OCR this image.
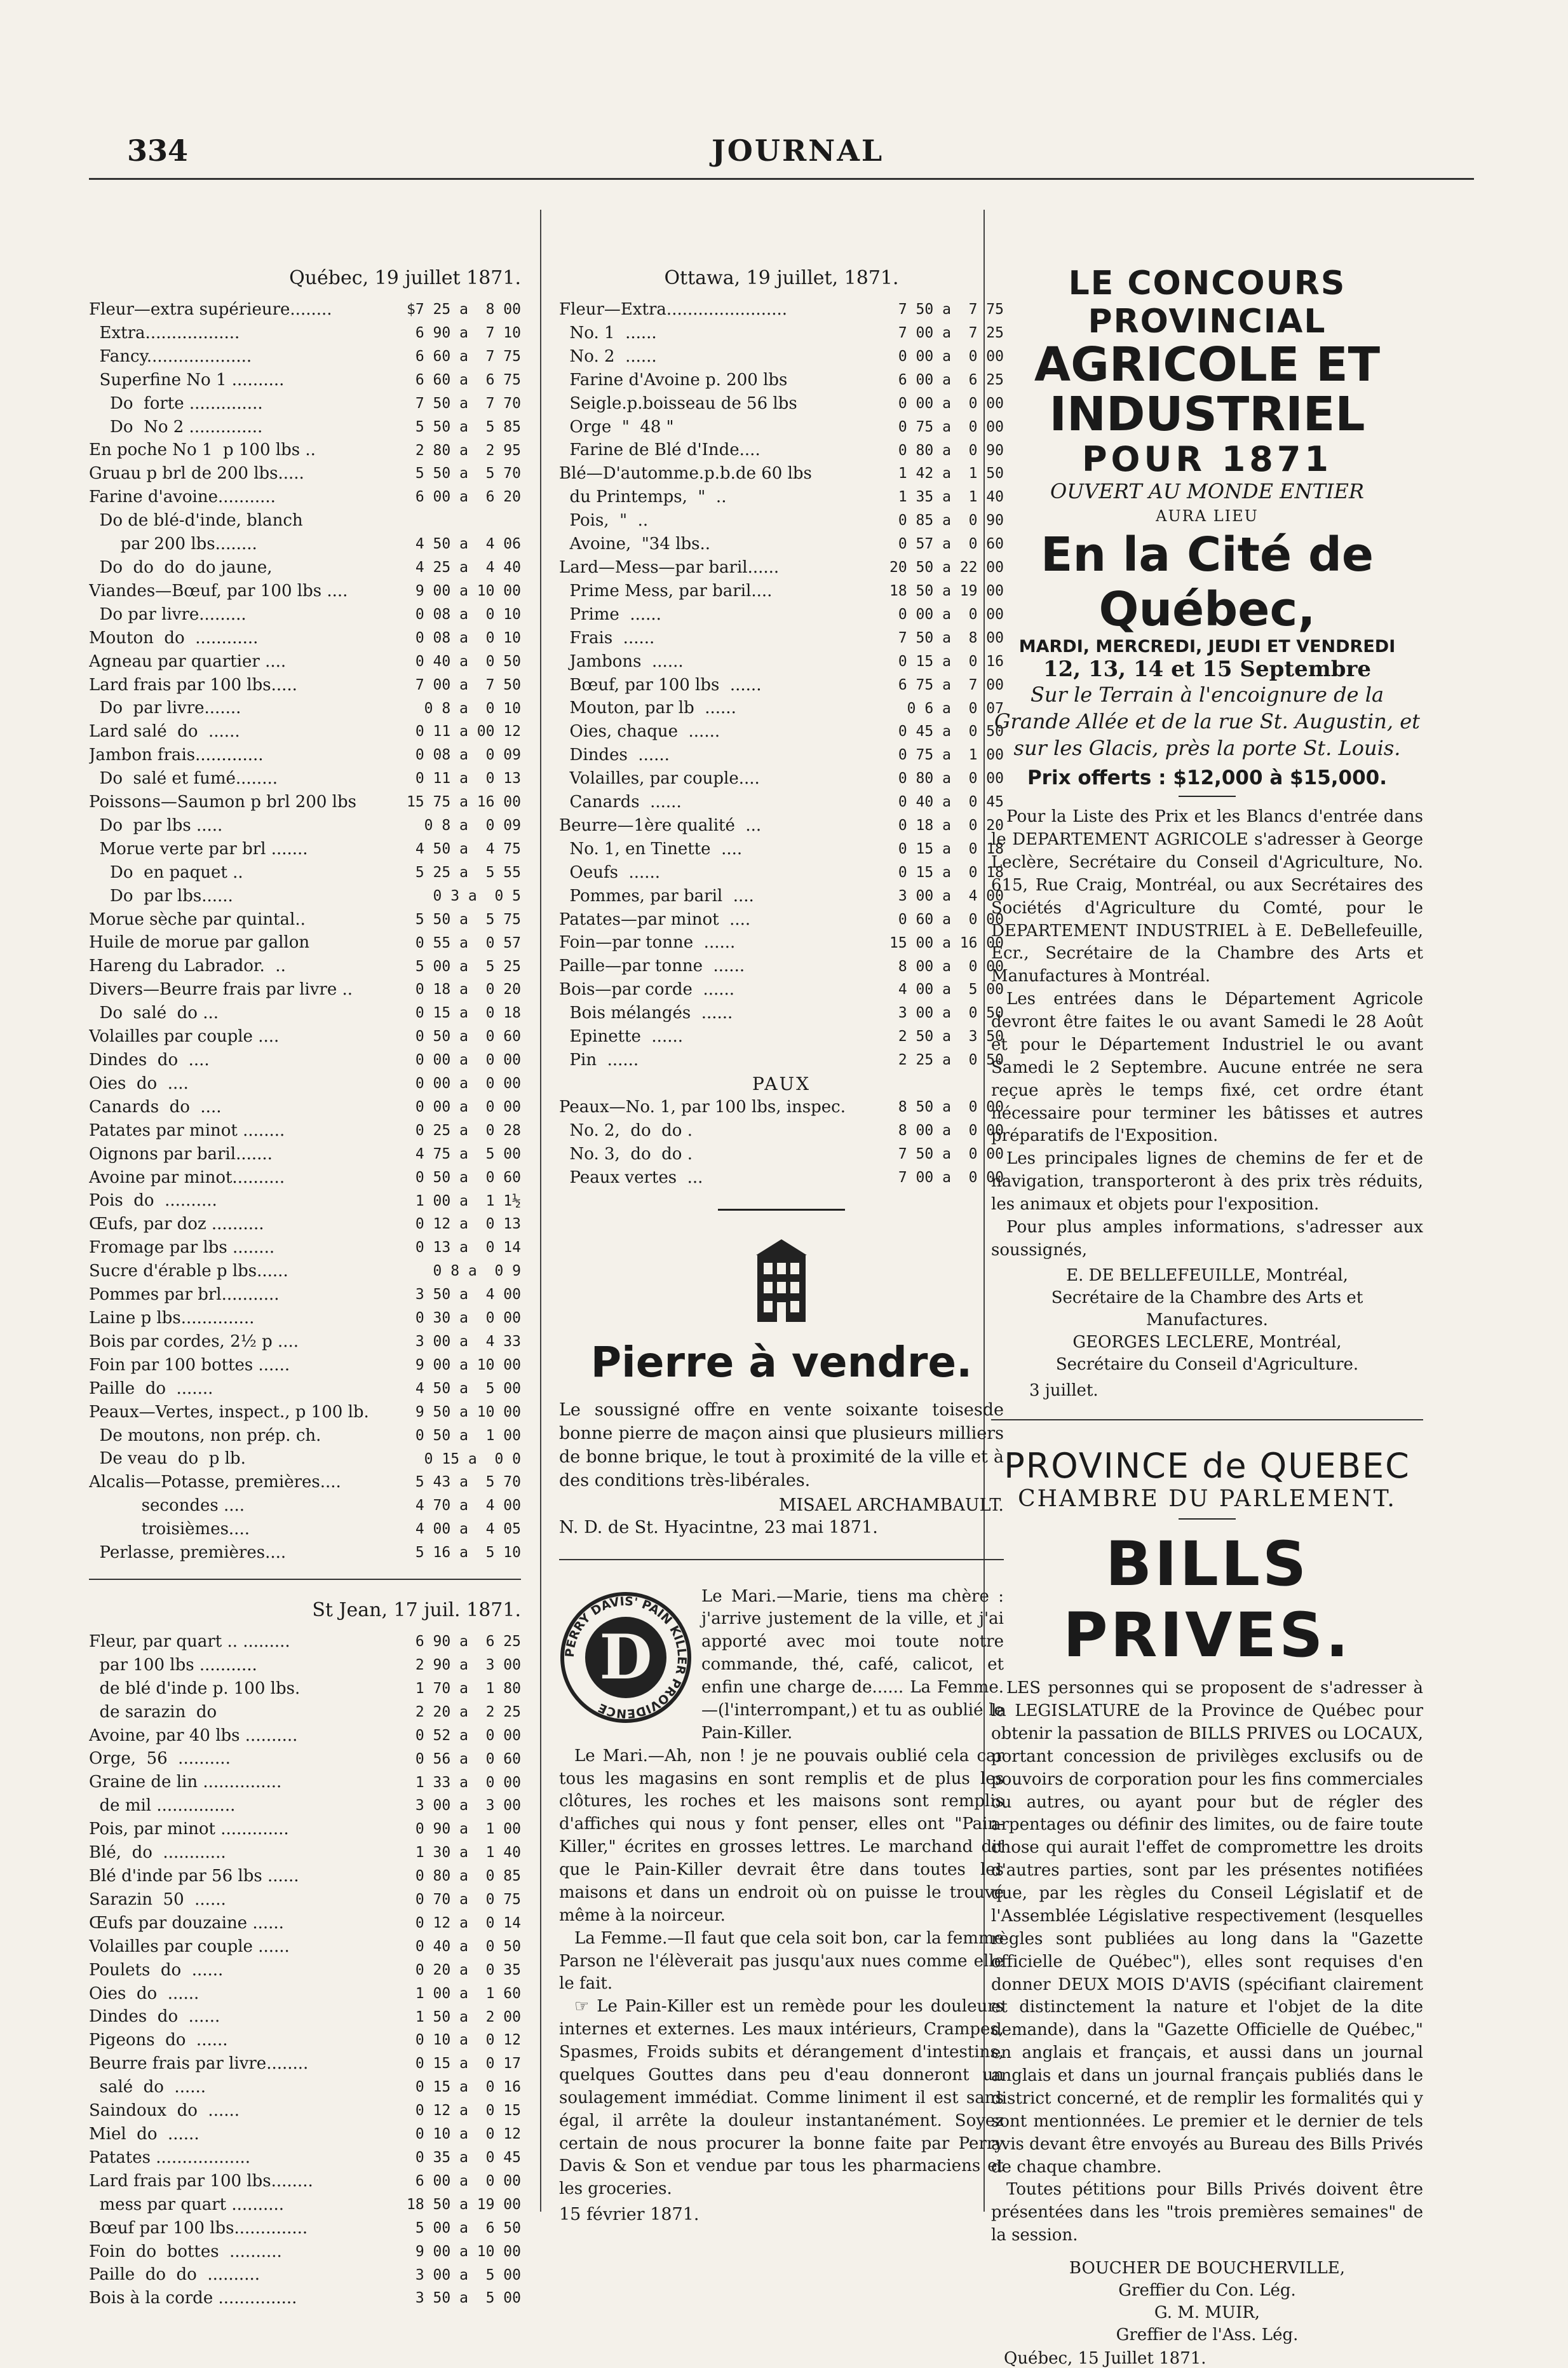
334	JOURNAL
Québec, 19 juillet 1871.
Fleur—extra supérieure........	$7 25 a  8 00
Extra..................	6 90 a  7 10
Fancy....................	6 60 a  7 75
Superfine No 1 ..........	6 60 a  6 75
Do  forte ..............	7 50 a  7 70
Do  No 2 ..............	5 50 a  5 85
En poche No 1  p 100 lbs ..	2 80 a  2 95
Gruau p brl de 200 lbs.....	5 50 a  5 70
Farine d'avoine...........	6 00 a  6 20
Do de blé-d'inde, blanch	
par 200 lbs........	4 50 a  4 06
Do  do  do  do jaune,	4 25 a  4 40
Viandes—Bœuf, par 100 lbs ....	9 00 a 10 00
Do par livre.........	0 08 a  0 10
Mouton  do  ............	0 08 a  0 10
Agneau par quartier ....	0 40 a  0 50
Lard frais par 100 lbs.....	7 00 a  7 50
Do  par livre.......	0 8 a  0 10
Lard salé  do  ......	0 11 a 00 12
Jambon frais.............	0 08 a  0 09
Do  salé et fumé........	0 11 a  0 13
Poissons—Saumon p brl 200 lbs	15 75 a 16 00
Do  par lbs .....	0 8 a  0 09
Morue verte par brl .......	4 50 a  4 75
Do  en paquet ..	5 25 a  5 55
Do  par lbs......	0 3 a  0 5
Morue sèche par quintal..	5 50 a  5 75
Huile de morue par gallon	0 55 a  0 57
Hareng du Labrador.  ..	5 00 a  5 25
Divers—Beurre frais par livre ..	0 18 a  0 20
Do  salé  do ...	0 15 a  0 18
Volailles par couple ....	0 50 a  0 60
Dindes  do  ....	0 00 a  0 00
Oies  do  ....	0 00 a  0 00
Canards  do  ....	0 00 a  0 00
Patates par minot ........	0 25 a  0 28
Oignons par baril.......	4 75 a  5 00
Avoine par minot..........	0 50 a  0 60
Pois  do  ..........	1 00 a  1 1½
Œufs, par doz ..........	0 12 a  0 13
Fromage par lbs ........	0 13 a  0 14
Sucre d'érable p lbs......	0 8 a  0 9
Pommes par brl...........	3 50 a  4 00
Laine p lbs..............	0 30 a  0 00
Bois par cordes, 2½ p ....	3 00 a  4 33
Foin par 100 bottes ......	9 00 a 10 00
Paille  do  .......	4 50 a  5 00
Peaux—Vertes, inspect., p 100 lb.	9 50 a 10 00
De moutons, non prép. ch.	0 50 a  1 00
De veau  do  p lb.	0 15 a  0 0
Alcalis—Potasse, premières....	5 43 a  5 70
secondes ....	4 70 a  4 00
troisièmes....	4 00 a  4 05
Perlasse, premières....	5 16 a  5 10
St Jean, 17 juil. 1871.
Fleur, par quart .. .........	6 90 a  6 25
par 100 lbs ...........	2 90 a  3 00
de blé d'inde p. 100 lbs.	1 70 a  1 80
de sarazin  do	2 20 a  2 25
Avoine, par 40 lbs ..........	0 52 a  0 00
Orge,  56  ..........	0 56 a  0 60
Graine de lin ...............	1 33 a  0 00
de mil ...............	3 00 a  3 00
Pois, par minot .............	0 90 a  1 00
Blé,  do  ............	1 30 a  1 40
Blé d'inde par 56 lbs ......	0 80 a  0 85
Sarazin  50  ......	0 70 a  0 75
Œufs par douzaine ......	0 12 a  0 14
Volailles par couple ......	0 40 a  0 50
Poulets  do  ......	0 20 a  0 35
Oies  do  ......	1 00 a  1 60
Dindes  do  ......	1 50 a  2 00
Pigeons  do  ......	0 10 a  0 12
Beurre frais par livre........	0 15 a  0 17
salé  do  ......	0 15 a  0 16
Saindoux  do  ......	0 12 a  0 15
Miel  do  ......	0 10 a  0 12
Patates ..................	0 35 a  0 45
Lard frais par 100 lbs........	6 00 a  0 00
mess par quart ..........	18 50 a 19 00
Bœuf par 100 lbs..............	5 00 a  6 50
Foin  do  bottes  ..........	9 00 a 10 00
Paille  do  do  ..........	3 00 a  5 00
Bois à la corde ...............	3 50 a  5 00
Ottawa, 19 juillet, 1871.
Fleur—Extra.......................	7 50 a  7 75
No. 1  ......	7 00 a  7 25
No. 2  ......	0 00 a  0 00
Farine d'Avoine p. 200 lbs	6 00 a  6 25
Seigle.p.boisseau de 56 lbs	0 00 a  0 00
Orge  "  48 "	0 75 a  0 00
Farine de Blé d'Inde....	0 80 a  0 90
Blé—D'automme.p.b.de 60 lbs	1 42 a  1 50
du Printemps,  "  ..	1 35 a  1 40
Pois,  "  ..	0 85 a  0 90
Avoine,  "34 lbs..	0 57 a  0 60
Lard—Mess—par baril......	20 50 a 22 00
Prime Mess, par baril....	18 50 a 19 00
Prime  ......	0 00 a  0 00
Frais  ......	7 50 a  8 00
Jambons  ......	0 15 a  0 16
Bœuf, par 100 lbs  ......	6 75 a  7 00
Mouton, par lb  ......	0 6 a  0 07
Oies, chaque  ......	0 45 a  0 50
Dindes  ......	0 75 a  1 00
Volailles, par couple....	0 80 a  0 00
Canards  ......	0 40 a  0 45
Beurre—1ère qualité  ...	0 18 a  0 20
No. 1, en Tinette  ....	0 15 a  0 18
Oeufs  ......	0 15 a  0 18
Pommes, par baril  ....	3 00 a  4 00
Patates—par minot  ....	0 60 a  0 00
Foin—par tonne  ......	15 00 a 16 00
Paille—par tonne  ......	8 00 a  0 00
Bois—par corde  ......	4 00 a  5 00
Bois mélangés  ......	3 00 a  0 50
Epinette  ......	2 50 a  3 50
Pin  ......	2 25 a  0 50
PAUX
Peaux—No. 1, par 100 lbs, inspec.	8 50 a  0 00
No. 2,  do  do .	8 00 a  0 00
No. 3,  do  do .	7 50 a  0 00
Peaux vertes  ...	7 00 a  0 00
Pierre à vendre.
Le soussigné offre en vente soixante toisesde bonne pierre de maçon ainsi que plusieurs milliers de bonne brique, le tout à proximité de la ville et à des conditions très-libérales.
MISAEL ARCHAMBAULT.
N. D. de St. Hyacintne, 23 mai 1871.
PERRY DAVIS' PAIN KILLER PROVIDENCE
D

Le Mari.—Marie, tiens ma chère : j'arrive justement de la ville, et j'ai apporté avec moi toute notre commande, thé, café, calicot, et enfin une charge de...... La Femme.—(l'interrompant,) et tu as oublié le Pain-Killer.

Le Mari.—Ah, non ! je ne pouvais oublié cela car tous les magasins en sont remplis et de plus les clôtures, les roches et les maisons sont remplis d'affiches qui nous y font penser, elles ont "Pain-Killer," écrites en grosses lettres. Le marchand dit que le Pain-Killer devrait être dans toutes les maisons et dans un endroit où on puisse le trouvé même à la noirceur.

La Femme.—Il faut que cela soit bon, car la femme Parson ne l'élèverait pas jusqu'aux nues comme elle le fait.

☞ Le Pain-Killer est un remède pour les douleurs internes et externes. Les maux intérieurs, Crampes, Spasmes, Froids subits et dérangement d'intestins, quelques Gouttes dans peu d'eau donneront un soulagement immédiat. Comme liniment il est sans égal, il arrête la douleur instantanément. Soyez certain de nous procurer la bonne faite par Perry Davis & Son et vendue par tous les pharmaciens et les groceries.

15 février 1871.
LE CONCOURS PROVINCIAL
AGRICOLE ET INDUSTRIEL
POUR 1871
OUVERT AU MONDE ENTIER
AURA LIEU
En la Cité de Québec,
MARDI, MERCREDI, JEUDI ET VENDREDI
12, 13, 14 et 15 Septembre
Sur le Terrain à l'encoignure de la Grande Allée et de la rue St. Augustin, et sur les Glacis, près la porte St. Louis.
Prix offerts : $12,000 à $15,000.

Pour la Liste des Prix et les Blancs d'entrée dans le DEPARTEMENT AGRICOLE s'adresser à George Leclère, Secrétaire du Conseil d'Agriculture, No. 615, Rue Craig, Montréal, ou aux Secrétaires des Sociétés d'Agriculture du Comté, pour le DEPARTEMENT INDUSTRIEL à E. DeBellefeuille, Ecr., Secrétaire de la Chambre des Arts et Manufactures à Montréal.

Les entrées dans le Département Agricole devront être faites le ou avant Samedi le 28 Août et pour le Département Industriel le ou avant Samedi le 2 Septembre. Aucune entrée ne sera reçue après le temps fixé, cet ordre étant nécessaire pour terminer les bâtisses et autres préparatifs de l'Exposition.

Les principales lignes de chemins de fer et de navigation, transporteront à des prix très réduits, les animaux et objets pour l'exposition.

Pour plus amples informations, s'adresser aux soussignés,

E. DE BELLEFEUILLE, Montréal,
Secrétaire de la Chambre des Arts et Manufactures.
GEORGES LECLERE, Montréal,
Secrétaire du Conseil d'Agriculture.
3 juillet.
PROVINCE de QUEBEC
CHAMBRE DU PARLEMENT.
BILLS PRIVES.

LES personnes qui se proposent de s'adresser à la LEGISLATURE de la Province de Québec pour obtenir la passation de BILLS PRIVES ou LOCAUX, portant concession de privilèges exclusifs ou de pouvoirs de corporation pour les fins commerciales ou autres, ou ayant pour but de régler des arpentages ou définir des limites, ou de faire toute chose qui aurait l'effet de compromettre les droits d'autres parties, sont par les présentes notifiées que, par les règles du Conseil Législatif et de l'Assemblée Législative respectivement (lesquelles règles sont publiées au long dans la "Gazette officielle de Québec"), elles sont requises d'en donner DEUX MOIS D'AVIS (spécifiant clairement et distinctement la nature et l'objet de la dite demande), dans la "Gazette Officielle de Québec," en anglais et français, et aussi dans un journal anglais et dans un journal français publiés dans le district concerné, et de remplir les formalités qui y sont mentionnées. Le premier et le dernier de tels avis devant être envoyés au Bureau des Bills Privés de chaque chambre.

Toutes pétitions pour Bills Privés doivent être présentées dans les "trois premières semaines" de la session.

BOUCHER DE BOUCHERVILLE,
Greffier du Con. Lég.
G. M. MUIR,
Greffier de l'Ass. Lég.
Québec, 15 Juillet 1871.
